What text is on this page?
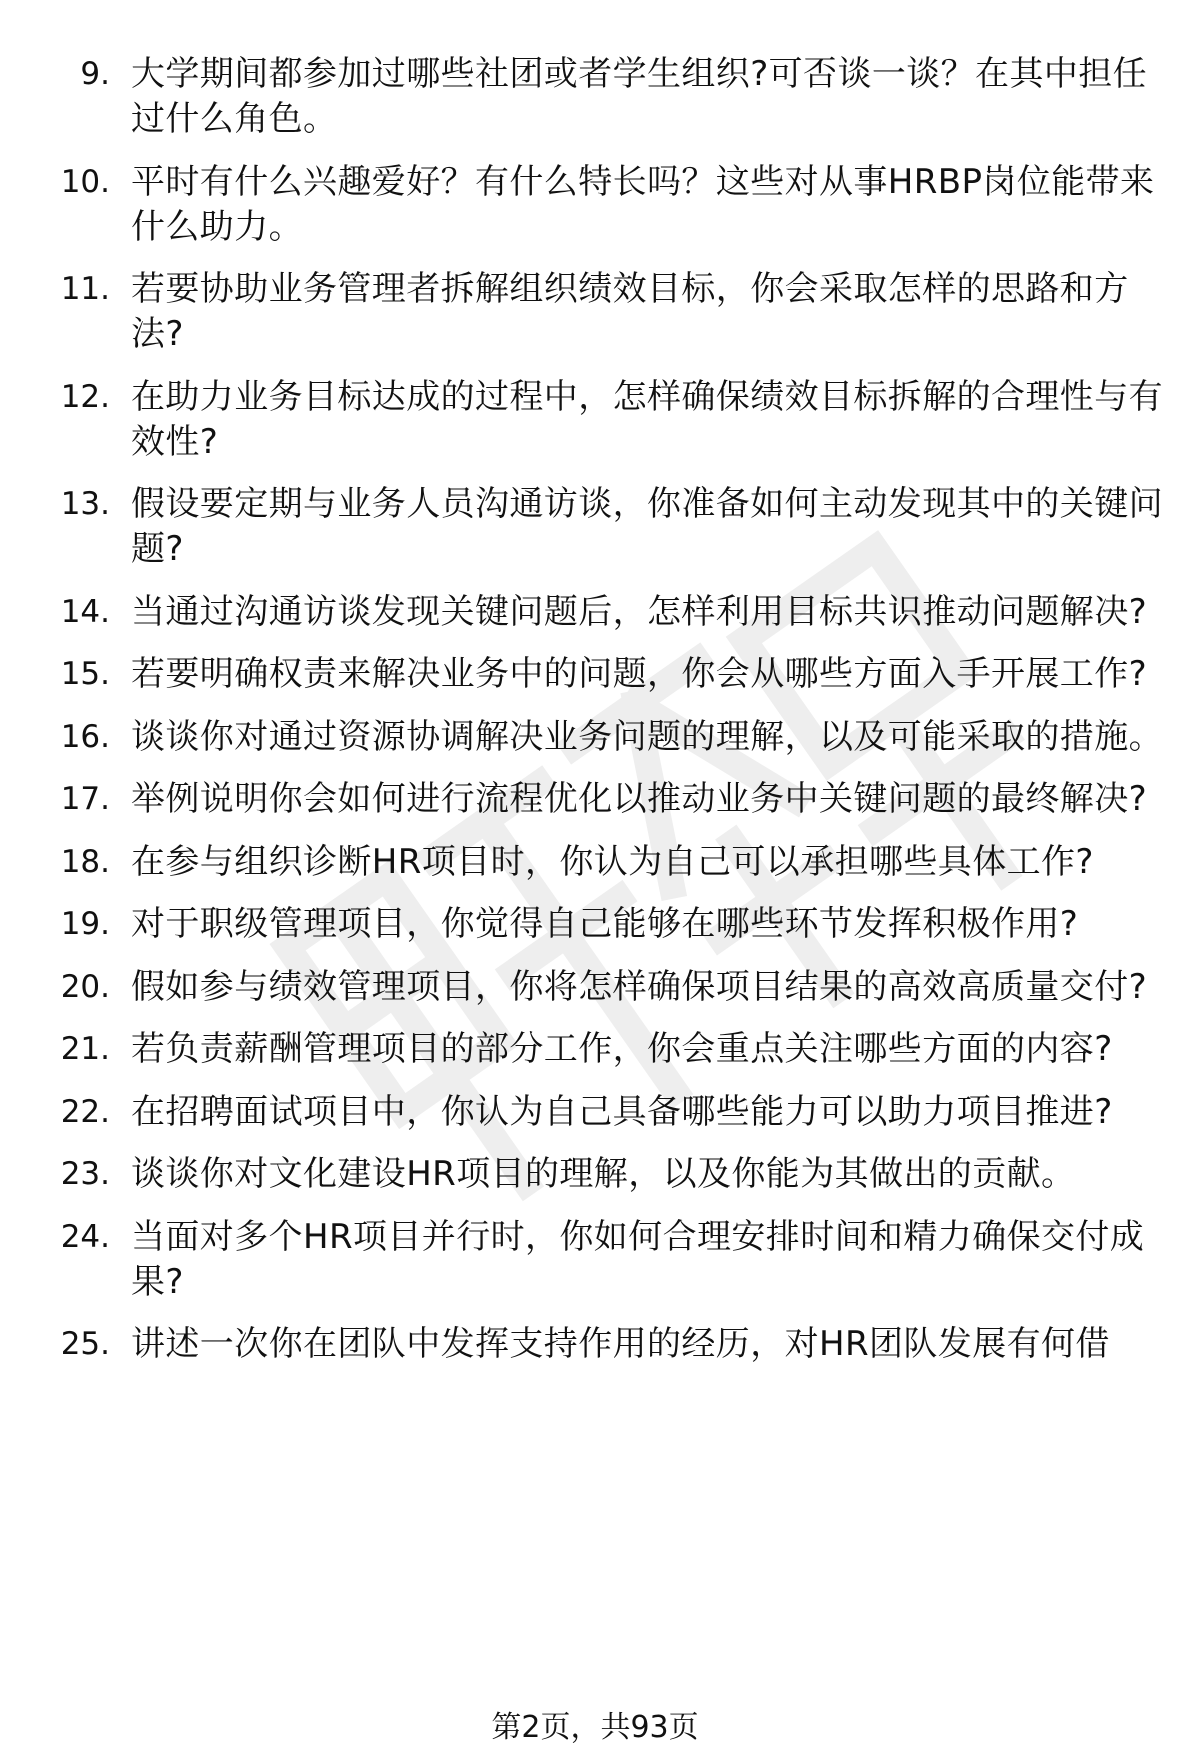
9. 大学期间都参加过哪些社团或者学生组织?可否谈一谈？在其中担任过什么角色。
10. 平时有什么兴趣爱好？有什么特长吗？这些对从事HRBP岗位能带来什么助力。
11. 若要协助业务管理者拆解组织绩效目标，你会采取怎样的思路和方法?
12. 在助力业务目标达成的过程中，怎样确保绩效目标拆解的合理性与有效性?
13. 假设要定期与业务人员沟通访谈，你准备如何主动发现其中的关键问题?
14. 当通过沟通访谈发现关键问题后，怎样利用目标共识推动问题解决?
15. 若要明确权责来解决业务中的问题，你会从哪些方面入手开展工作?
16. 谈谈你对通过资源协调解决业务问题的理解，以及可能采取的措施。
17. 举例说明你会如何进行流程优化以推动业务中关键问题的最终解决?
18. 在参与组织诊断HR项目时，你认为自己可以承担哪些具体工作?
19. 对于职级管理项目，你觉得自己能够在哪些环节发挥积极作用?
20. 假如参与绩效管理项目，你将怎样确保项目结果的高效高质量交付?
21. 若负责薪酬管理项目的部分工作，你会重点关注哪些方面的内容?
22. 在招聘面试项目中，你认为自己具备哪些能力可以助力项目推进?
23. 谈谈你对文化建设HR项目的理解，以及你能为其做出的贡献。
24. 当面对多个HR项目并行时，你如何合理安排时间和精力确保交付成果?
25. 讲述一次你在团队中发挥支持作用的经历，对HR团队发展有何借
第2页，共93页
